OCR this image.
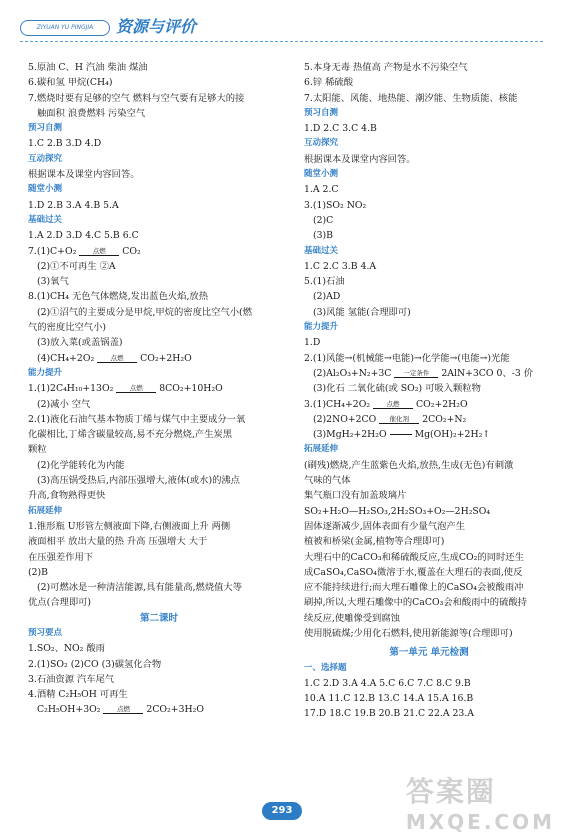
ZIYUAN YU PINGJIA	资源与评价
5.原油 C、H 汽油 柴油 煤油
6.碳和氢 甲烷(CH₄)
7.燃烧时要有足够的空气 燃料与空气要有足够大的接
触面积 浪费燃料 污染空气
预习自测
1.C 2.B 3.D 4.D
互动探究
根据课本及课堂内容回答。
随堂小测
1.D 2.B 3.A 4.B 5.A
基础过关
1.A 2.D 3.D 4.C 5.B 6.C
7.(1)C+O₂	点燃	CO₂
(2)①不可再生 ②A
(3)氧气
8.(1)CH₄ 无色气体燃烧,发出蓝色火焰,放热
(2)①沼气的主要成分是甲烷,甲烷的密度比空气小(燃
气的密度比空气小)
(3)放入菜(或盖锅盖)
(4)CH₄+2O₂	点燃	CO₂+2H₂O
能力提升
1.(1)2C₄H₁₀+13O₂	点燃	8CO₂+10H₂O
(2)减小 空气
2.(1)液化石油气基本物质丁烯与煤气中主要成分一氧
化碳相比,丁烯含碳量较高,易不充分燃烧,产生炭黑
颗粒
(2)化学能转化为内能
(3)高压锅受热后,内部压强增大,液体(或水)的沸点
升高,食物熟得更快
拓展延伸
1.锥形瓶 U形管左侧液面下降,右侧液面上升 两侧
液面相平 放出大量的热 升高 压强增大 大于
在压强差作用下
(2)B
(2)可燃冰是一种清洁能源,具有能量高,燃烧值大等
优点(合理即可)
第二课时
预习要点
1.SO₂、NO₂ 酸雨
2.(1)SO₂ (2)CO (3)碳氢化合物
3.石油资源 汽车尾气
4.酒精 C₂H₅OH 可再生
C₂H₅OH+3O₂	点燃	2CO₂+3H₂O
5.本身无毒 热值高 产物是水不污染空气
6.锌 稀硫酸
7.太阳能、风能、地热能、潮汐能、生物质能、核能
预习自测
1.D 2.C 3.C 4.B
互动探究
根据课本及课堂内容回答。
随堂小测
1.A 2.C
3.(1)SO₂ NO₂
(2)C
(3)B
基础过关
1.C 2.C 3.B 4.A
5.(1)石油
(2)AD
(3)风能 氢能(合理即可)
能力提升
1.D
2.(1)风能→(机械能→电能)→化学能→(电能→)光能
(2)Al₂O₃+N₂+3C	一定条件	2AlN+3CO 0、-3 价
(3)化石 二氧化硫(或 SO₂) 可吸入颗粒物
3.(1)CH₄+2O₂	点燃	CO₂+2H₂O
(2)2NO+2CO	催化剂	2CO₂+N₂
(3)MgH₂+2H₂O	Mg(OH)₂+2H₂↑
拓展延伸
(刷残)燃烧,产生蓝紫色火焰,放热,生成(无色)有刺激
气味的气体
集气瓶口没有加盖玻璃片
SO₂+H₂O—H₂SO₃,2H₂SO₃+O₂—2H₂SO₄
固体逐渐减少,固体表面有少量气泡产生
植被和桥梁(金属,植物等合理即可)
大理石中的CaCO₃和稀硫酸反应,生成CO₂的同时还生
成CaSO₄,CaSO₄微溶于水,覆盖在大理石的表面,使反
应不能持续进行;而大理石雕像上的CaSO₄会被酸雨冲
刷掉,所以,大理石雕像中的CaCO₃会和酸雨中的硫酸持
续反应,使雕像受到腐蚀
使用脱硫煤;少用化石燃料,使用新能源等(合理即可)
第一单元 单元检测
一、选择题
1.C 2.D 3.A 4.A 5.C 6.C 7.C 8.C 9.B
10.A 11.C 12.B 13.C 14.A 15.A 16.B
17.D 18.C 19.B 20.B 21.C 22.A 23.A
293
答案圈
MXQE.COM
